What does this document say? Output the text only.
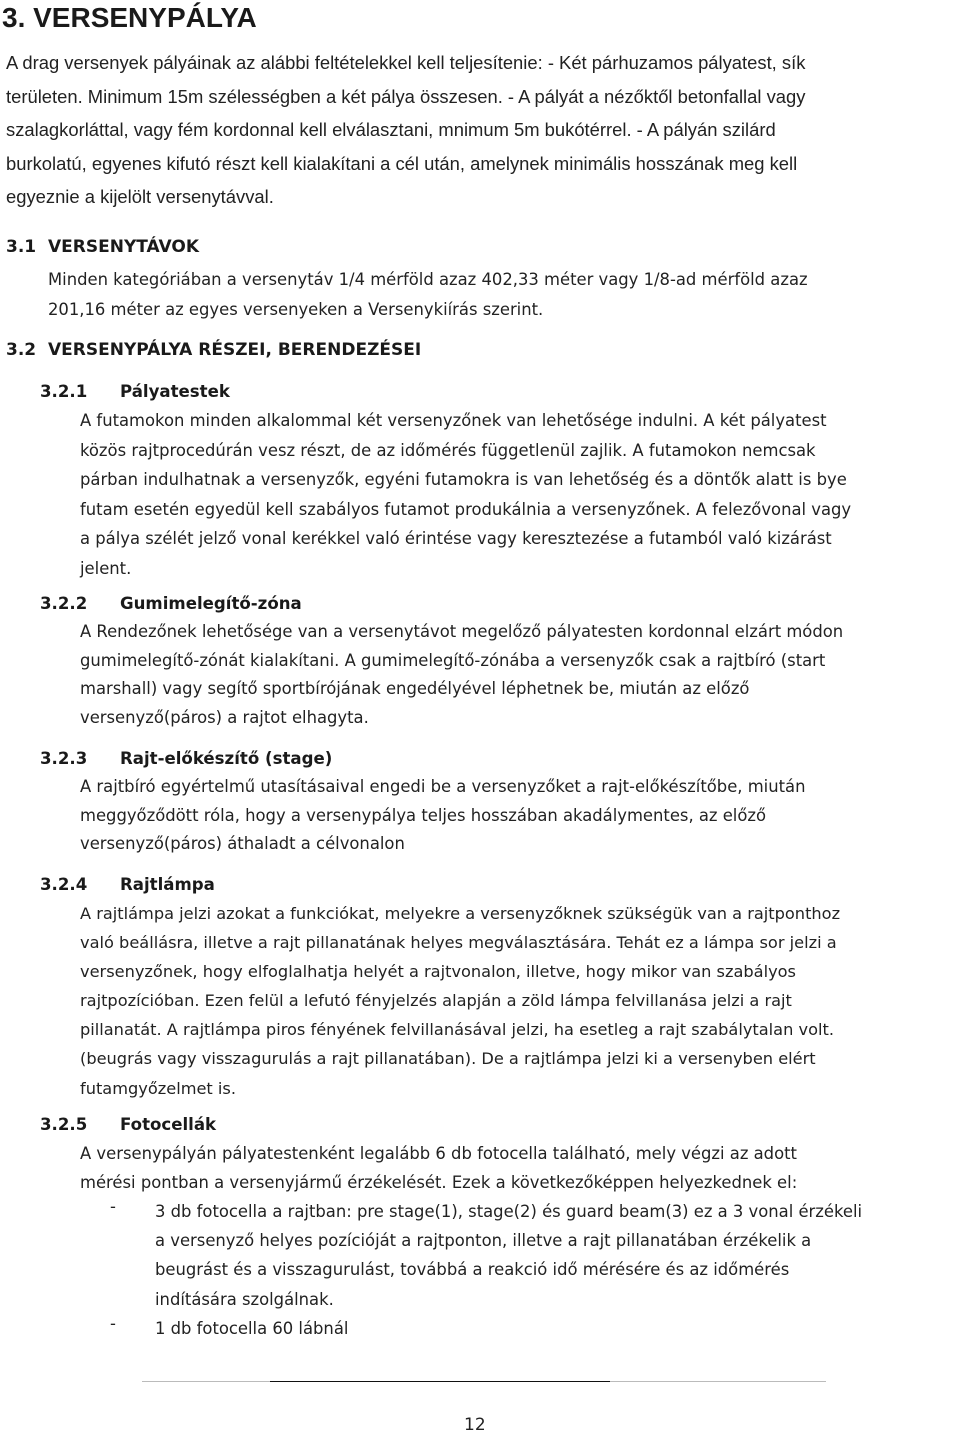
3. VERSENYPÁLYA
A drag versenyek pályáinak az alábbi feltételekkel kell teljesítenie: - Két párhuzamos pályatest, sík
területen. Minimum 15m szélességben a két pálya összesen. - A pályát a nézőktől betonfallal vagy
szalagkorláttal, vagy fém kordonnal kell elválasztani, mnimum 5m bukótérrel. - A pályán szilárd
burkolatú, egyenes kifutó részt kell kialakítani a cél után, amelynek minimális hosszának meg kell
egyeznie a kijelölt versenytávval.
3.1 VERSENYTÁVOK
Minden kategóriában a versenytáv 1/4 mérföld azaz 402,33 méter vagy 1/8-ad mérföld azaz
201,16 méter az egyes versenyeken a Versenykiírás szerint.
3.2 VERSENYPÁLYA RÉSZEI, BERENDEZÉSEI
3.2.1 Pályatestek
A futamokon minden alkalommal két versenyzőnek van lehetősége indulni. A két pályatest
közös rajtprocedúrán vesz részt, de az időmérés függetlenül zajlik. A futamokon nemcsak
párban indulhatnak a versenyzők, egyéni futamokra is van lehetőség és a döntők alatt is bye
futam esetén egyedül kell szabályos futamot produkálnia a versenyzőnek. A felezővonal vagy
a pálya szélét jelző vonal kerékkel való érintése vagy keresztezése a futamból való kizárást
jelent.
3.2.2 Gumimelegítő-zóna
A Rendezőnek lehetősége van a versenytávot megelőző pályatesten kordonnal elzárt módon
gumimelegítő-zónát kialakítani. A gumimelegítő-zónába a versenyzők csak a rajtbíró (start
marshall) vagy segítő sportbírójának engedélyével léphetnek be, miután az előző
versenyző(páros) a rajtot elhagyta.
3.2.3 Rajt-előkészítő (stage)
A rajtbíró egyértelmű utasításaival engedi be a versenyzőket a rajt-előkészítőbe, miután
meggyőződött róla, hogy a versenypálya teljes hosszában akadálymentes, az előző
versenyző(páros) áthaladt a célvonalon
3.2.4 Rajtlámpa
A rajtlámpa jelzi azokat a funkciókat, melyekre a versenyzőknek szükségük van a rajtponthoz
való beállásra, illetve a rajt pillanatának helyes megválasztására. Tehát ez a lámpa sor jelzi a
versenyzőnek, hogy elfoglalhatja helyét a rajtvonalon, illetve, hogy mikor van szabályos
rajtpozícióban. Ezen felül a lefutó fényjelzés alapján a zöld lámpa felvillanása jelzi a rajt
pillanatát. A rajtlámpa piros fényének felvillanásával jelzi, ha esetleg a rajt szabálytalan volt.
(beugrás vagy visszagurulás a rajt pillanatában). De a rajtlámpa jelzi ki a versenyben elért
futamgyőzelmet is.
3.2.5 Fotocellák
A versenypályán pályatestenként legalább 6 db fotocella található, mely végzi az adott
mérési pontban a versenyjármű érzékelését. Ezek a következőképpen helyezkednek el:
-	3 db fotocella a rajtban: pre stage(1), stage(2) és guard beam(3) ez a 3 vonal érzékeli
a versenyző helyes pozícióját a rajtponton, illetve a rajt pillanatában érzékelik a
beugrást és a visszagurulást, továbbá a reakció idő mérésére és az időmérés
indítására szolgálnak.
-	1 db fotocella 60 lábnál
12
